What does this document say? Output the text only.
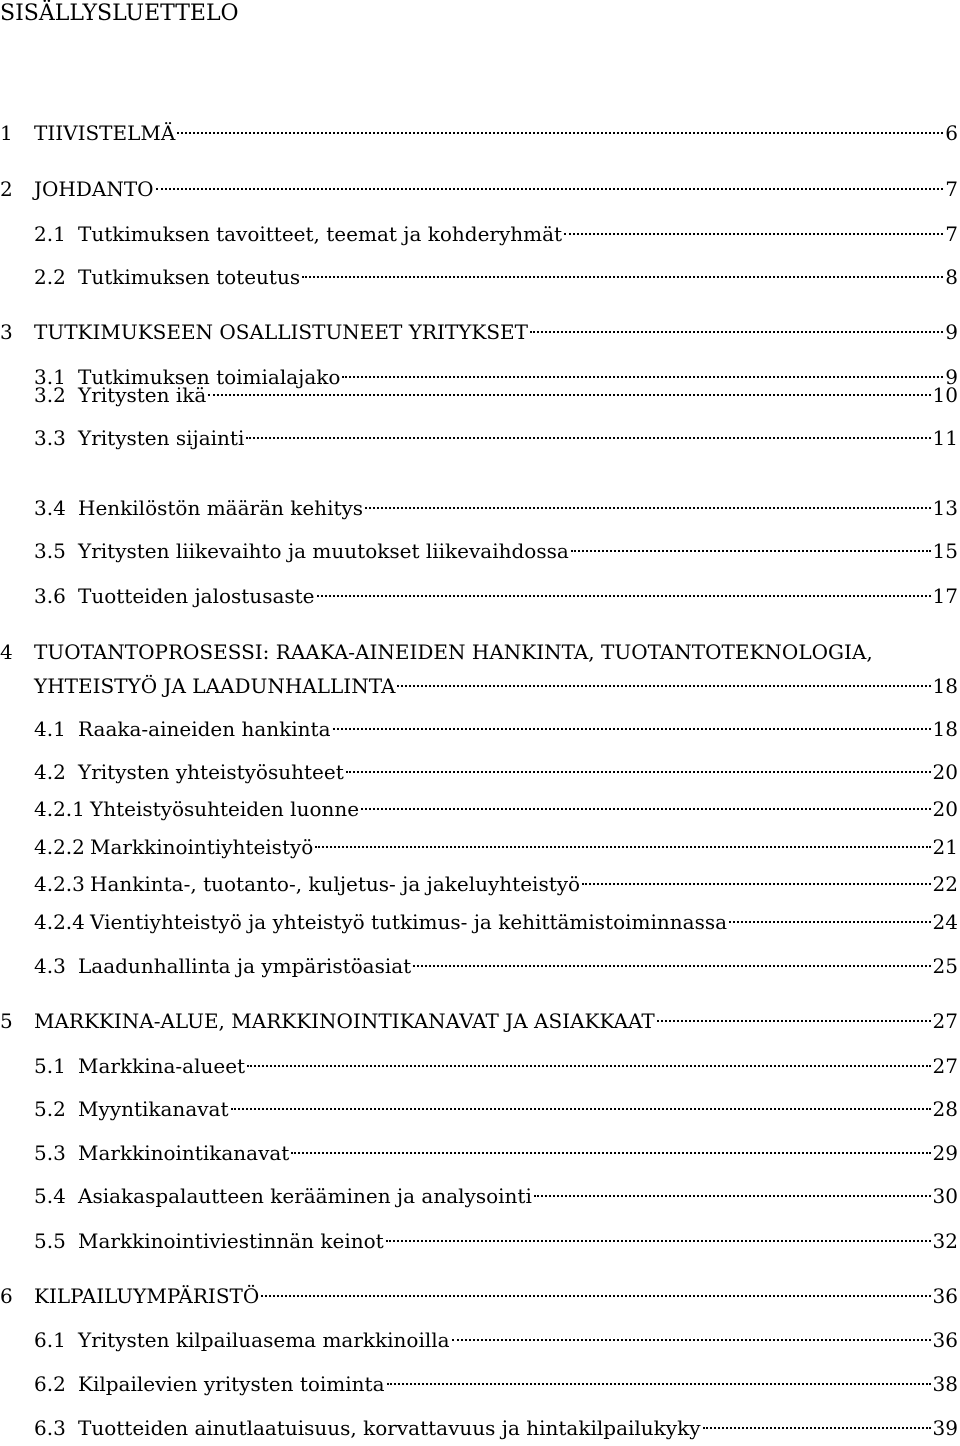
SISÄLLYSLUETTELO
1	TIIVISTELMÄ	6
2	JOHDANTO	7
2.1 Tutkimuksen tavoitteet, teemat ja kohderyhmät	7
2.2 Tutkimuksen toteutus	8
3	TUTKIMUKSEEN OSALLISTUNEET YRITYKSET	9
3.1 Tutkimuksen toimialajako	9
3.2 Yritysten ikä	10
3.3 Yritysten sijainti	11
3.4 Henkilöstön määrän kehitys	13
3.5 Yritysten liikevaihto ja muutokset liikevaihdossa	15
3.6 Tuotteiden jalostusaste	17
4	TUOTANTOPROSESSI: RAAKA-AINEIDEN HANKINTA, TUOTANTOTEKNOLOGIA,
YHTEISTYÖ JA LAADUNHALLINTA	18
4.1 Raaka-aineiden hankinta	18
4.2 Yritysten yhteistyösuhteet	20
4.2.1 Yhteistyösuhteiden luonne	20
4.2.2 Markkinointiyhteistyö	21
4.2.3 Hankinta-, tuotanto-, kuljetus- ja jakeluyhteistyö	22
4.2.4 Vientiyhteistyö ja yhteistyö tutkimus- ja kehittämistoiminnassa	24
4.3 Laadunhallinta ja ympäristöasiat	25
5	MARKKINA-ALUE, MARKKINOINTIKANAVAT JA ASIAKKAAT	27
5.1 Markkina-alueet	27
5.2 Myyntikanavat	28
5.3 Markkinointikanavat	29
5.4 Asiakaspalautteen kerääminen ja analysointi	30
5.5 Markkinointiviestinnän keinot	32
6	KILPAILUYMPÄRISTÖ	36
6.1 Yritysten kilpailuasema markkinoilla	36
6.2 Kilpailevien yritysten toiminta	38
6.3 Tuotteiden ainutlaatuisuus, korvattavuus ja hintakilpailukyky	39
